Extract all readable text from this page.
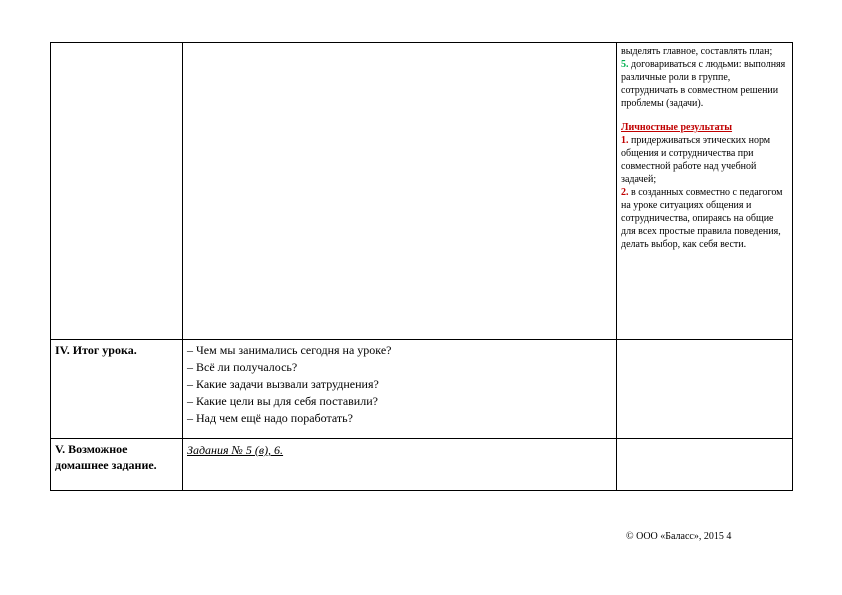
		выделять главное, составлять план;

5. договариваться с людьми: выполняя различные роли в группе, сотрудничать в совместном решении проблемы (задачи).

Личностные результаты

1. придерживаться этических норм общения и сотрудничества при совместной работе над учебной задачей;

2. в созданных совместно с педагогом на уроке ситуациях общения и сотрудничества, опираясь на общие для всех простые правила поведения, делать выбор, как себя вести.

IV. Итог урока.	– Чем мы занимались сегодня на уроке?

– Всё ли получалось?

– Какие задачи вызвали затруднения?

– Какие цели вы для себя поставили?

– Над чем ещё надо поработать?	

V. Возможное домашнее задание.	Задания № 5 (в), 6.	
© ООО «Баласс», 2015 4
